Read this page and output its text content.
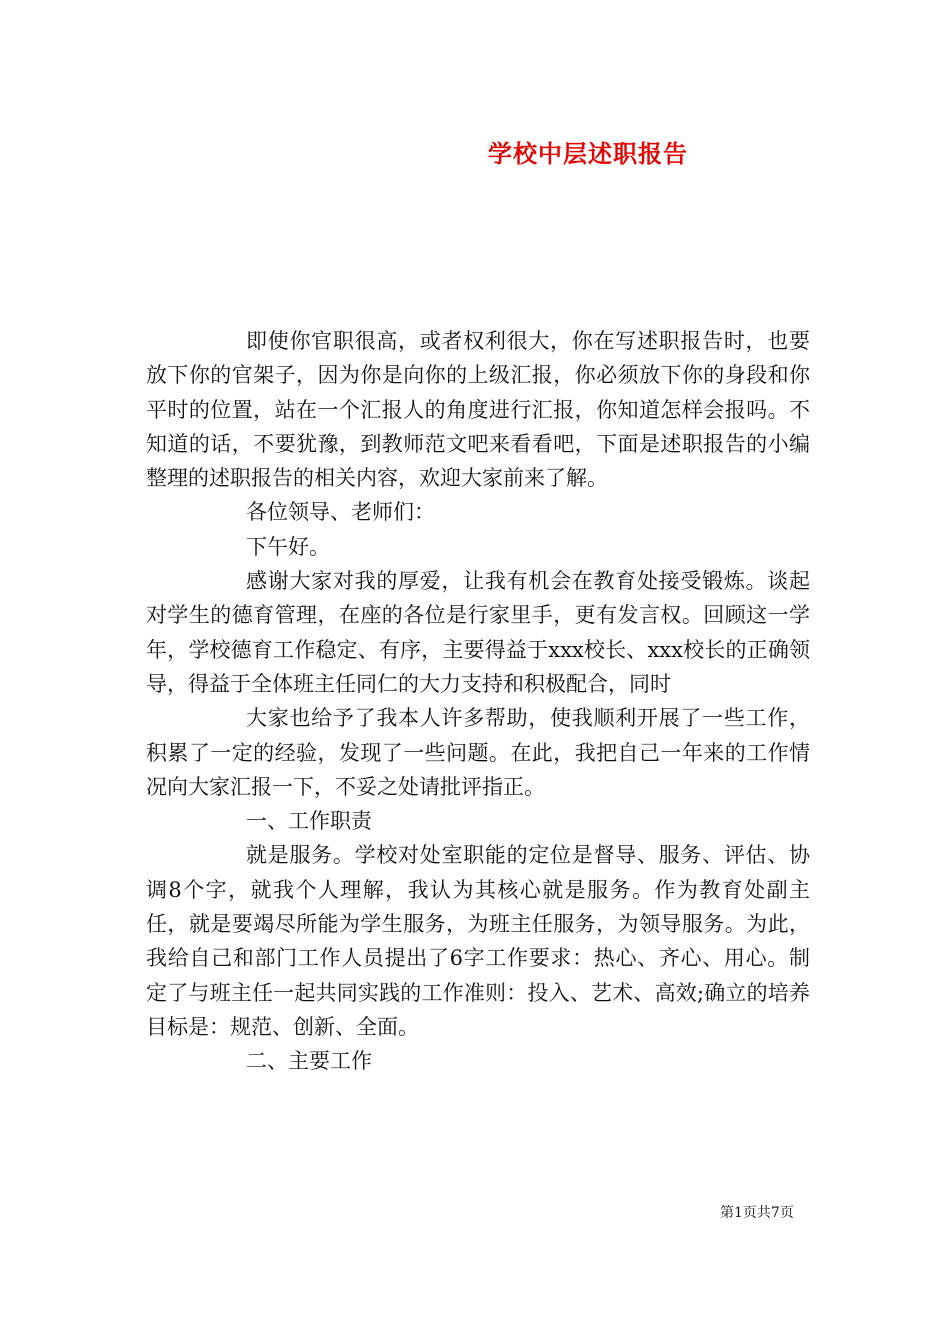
学校中层述职报告

即使你官职很高，或者权利很大，你在写述职报告时，也要放下你的官架子，因为你是向你的上级汇报，你必须放下你的身段和你平时的位置，站在一个汇报人的角度进行汇报，你知道怎样会报吗。不知道的话，不要犹豫，到教师范文吧来看看吧，下面是述职报告的小编整理的述职报告的相关内容，欢迎大家前来了解。

各位领导、老师们：

下午好。

感谢大家对我的厚爱，让我有机会在教育处接受锻炼。谈起对学生的德育管理，在座的各位是行家里手，更有发言权。回顾这一学年，学校德育工作稳定、有序，主要得益于xxx校长、xxx校长的正确领导，得益于全体班主任同仁的大力支持和积极配合，同时

大家也给予了我本人许多帮助，使我顺利开展了一些工作，积累了一定的经验，发现了一些问题。在此，我把自己一年来的工作情况向大家汇报一下，不妥之处请批评指正。

一、工作职责

就是服务。学校对处室职能的定位是督导、服务、评估、协调8个字，就我个人理解，我认为其核心就是服务。作为教育处副主任，就是要竭尽所能为学生服务，为班主任服务，为领导服务。为此，我给自己和部门工作人员提出了6字工作要求：热心、齐心、用心。制定了与班主任一起共同实践的工作准则：投入、艺术、高效;确立的培养目标是：规范、创新、全面。

二、主要工作

第1页共7页
